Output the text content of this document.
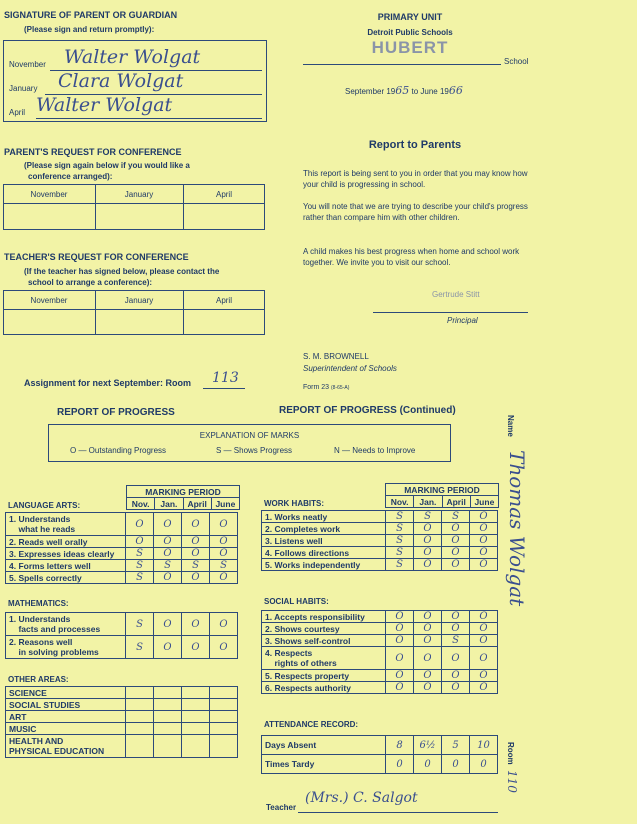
SIGNATURE OF PARENT OR GUARDIAN
(Please sign and return promptly):
November Walter Wolgat
January Clara Wolgat
April Walter Wolgat
PARENT'S REQUEST FOR CONFERENCE
(Please sign again below if you would like a
conference arranged):
November	January	April
TEACHER'S REQUEST FOR CONFERENCE
(If the teacher has signed below, please contact the
school to arrange a conference):
November	January	April
Assignment for next September: Room 113
PRIMARY UNIT
Detroit Public Schools
HUBERT
School
September 1965 to June 1966
Report to Parents
This report is being sent to you in order that you may know how your child is progressing in school.
You will note that we are trying to describe your child's progress rather than compare him with other children.
A child makes his best progress when home and school work together. We invite you to visit our school.
Gertrude Stitt
Principal
S. M. BROWNELL
Superintendent of Schools
Form 23 (8-65-A)
REPORT OF PROGRESS	REPORT OF PROGRESS (Continued)
EXPLANATION OF MARKS
O — Outstanding Progress	S — Shows Progress	N — Needs to Improve
LANGUAGE ARTS:
MARKING PERIOD
Nov.	Jan.	April	June
1. Understands
what he reads	O	O	O	O
2. Reads well orally	O	O	O	O
3. Expresses ideas clearly	S	O	O	O
4. Forms letters well	S	S	S	S
5. Spells correctly	S	O	O	O
MATHEMATICS:
1. Understands
facts and processes	S	O	O	O
2. Reasons well
in solving problems	S	O	O	O
OTHER AREAS:
SCIENCE				
SOCIAL STUDIES				
ART				
MUSIC				
HEALTH AND
PHYSICAL EDUCATION				
WORK HABITS:
MARKING PERIOD
Nov.	Jan.	April	June
1. Works neatly	S	S	S	O
2. Completes work	S	O	O	O
3. Listens well	S	O	O	O
4. Follows directions	S	O	O	O
5. Works independently	S	O	O	O
SOCIAL HABITS:
1. Accepts responsibility	O	O	O	O
2. Shows courtesy	O	O	O	O
3. Shows self-control	O	O	S	O
4. Respects
rights of others	O	O	O	O
5. Respects property	O	O	O	O
6. Respects authority	O	O	O	O
ATTENDANCE RECORD:
Days Absent	8	6½	5	10
Times Tardy	0	0	0	0
Teacher
(Mrs.) C. Salgot
Name
Thomas Wolgat
Room
110
